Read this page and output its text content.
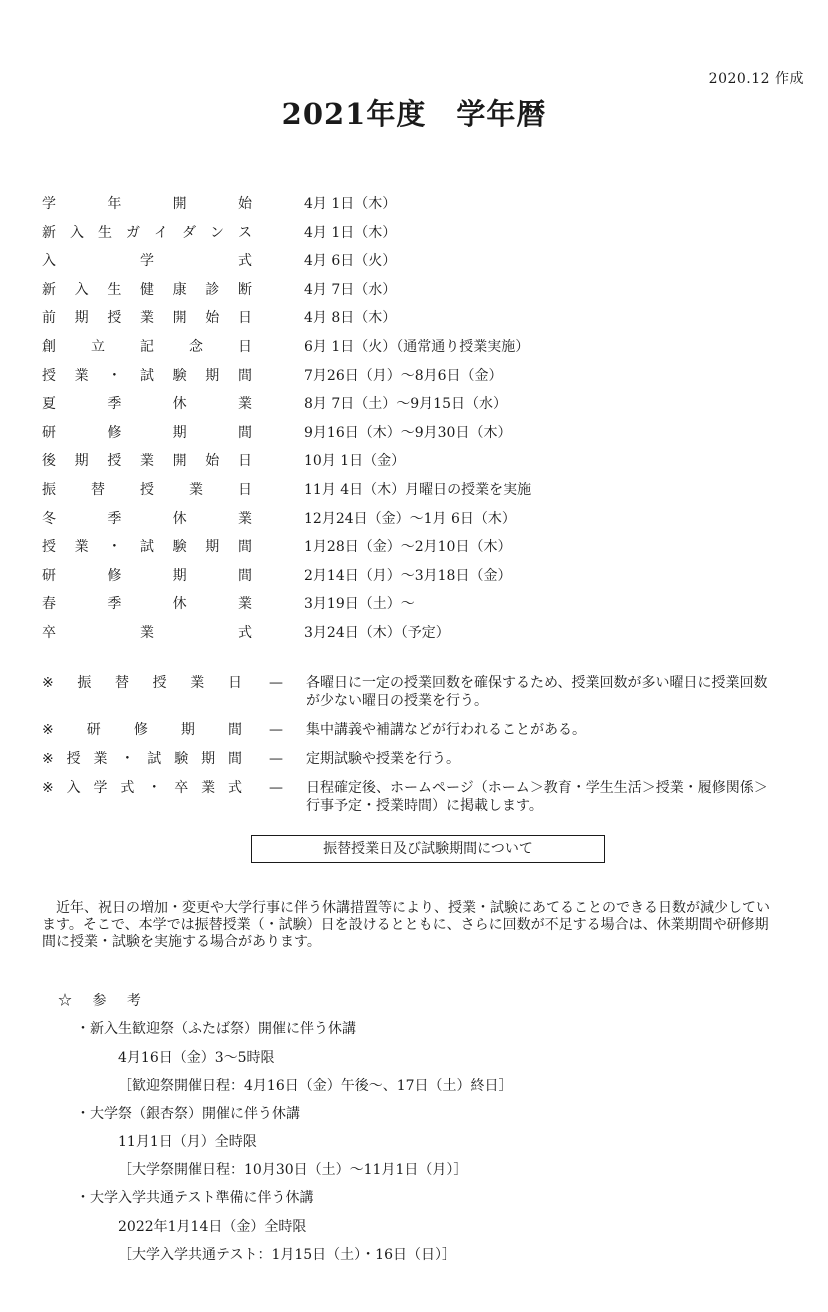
2020.12 作成
2021年度　学年暦
学	年	開	始	4月 1日（木）
新 入 生 ガ イ ダ ン ス	4月 1日（木）
入	学	式	4月 6日（火）
新 入 生 健 康 診 断	4月 7日（水）
前 期 授 業 開 始 日	4月 8日（木）
創	立	記	念	日	6月 1日（火）（通常通り授業実施）
授 業 ・ 試 験 期 間	7月26日（月）～8月6日（金）
夏	季	休	業	8月 7日（土）～9月15日（水）
研	修	期	間	9月16日（木）～9月30日（木）
後 期 授 業 開 始 日	10月 1日（金）
振	替	授	業	日	11月 4日（木）月曜日の授業を実施
冬	季	休	業	12月24日（金）～1月 6日（木）
授 業 ・ 試 験 期 間	1月28日（金）～2月10日（木）
研	修	期	間	2月14日（月）～3月18日（金）
春	季	休	業	3月19日（土）～
卒	業	式	3月24日（木）（予定）
※ 振 替 授 業 日 — 各曜日に一定の授業回数を確保するため、授業回数が多い曜日に授業回数が少ない曜日の授業を行う。
※ 研 修 期 間 — 集中講義や補講などが行われることがある。
※ 授 業 ・ 試 験 期 間 — 定期試験や授業を行う。
※ 入 学 式 ・ 卒 業 式 — 日程確定後、ホームページ（ホーム＞教育・学生生活＞授業・履修関係＞行事予定・授業時間）に掲載します。
振替授業日及び試験期間について
近年、祝日の増加・変更や大学行事に伴う休講措置等により、授業・試験にあてることのできる日数が減少しています。そこで、本学では振替授業（・試験）日を設けるとともに、さらに回数が不足する場合は、休業期間や研修期間に授業・試験を実施する場合があります。
☆ 参 考
・新入生歓迎祭（ふたば祭）開催に伴う休講
4月16日（金）3～5時限
［歓迎祭開催日程：4月16日（金）午後～、17日（土）終日］
・大学祭（銀杏祭）開催に伴う休講
11月1日（月）全時限
［大学祭開催日程：10月30日（土）～11月1日（月）］
・大学入学共通テスト準備に伴う休講
2022年1月14日（金）全時限
［大学入学共通テスト：1月15日（土）・16日（日）］
